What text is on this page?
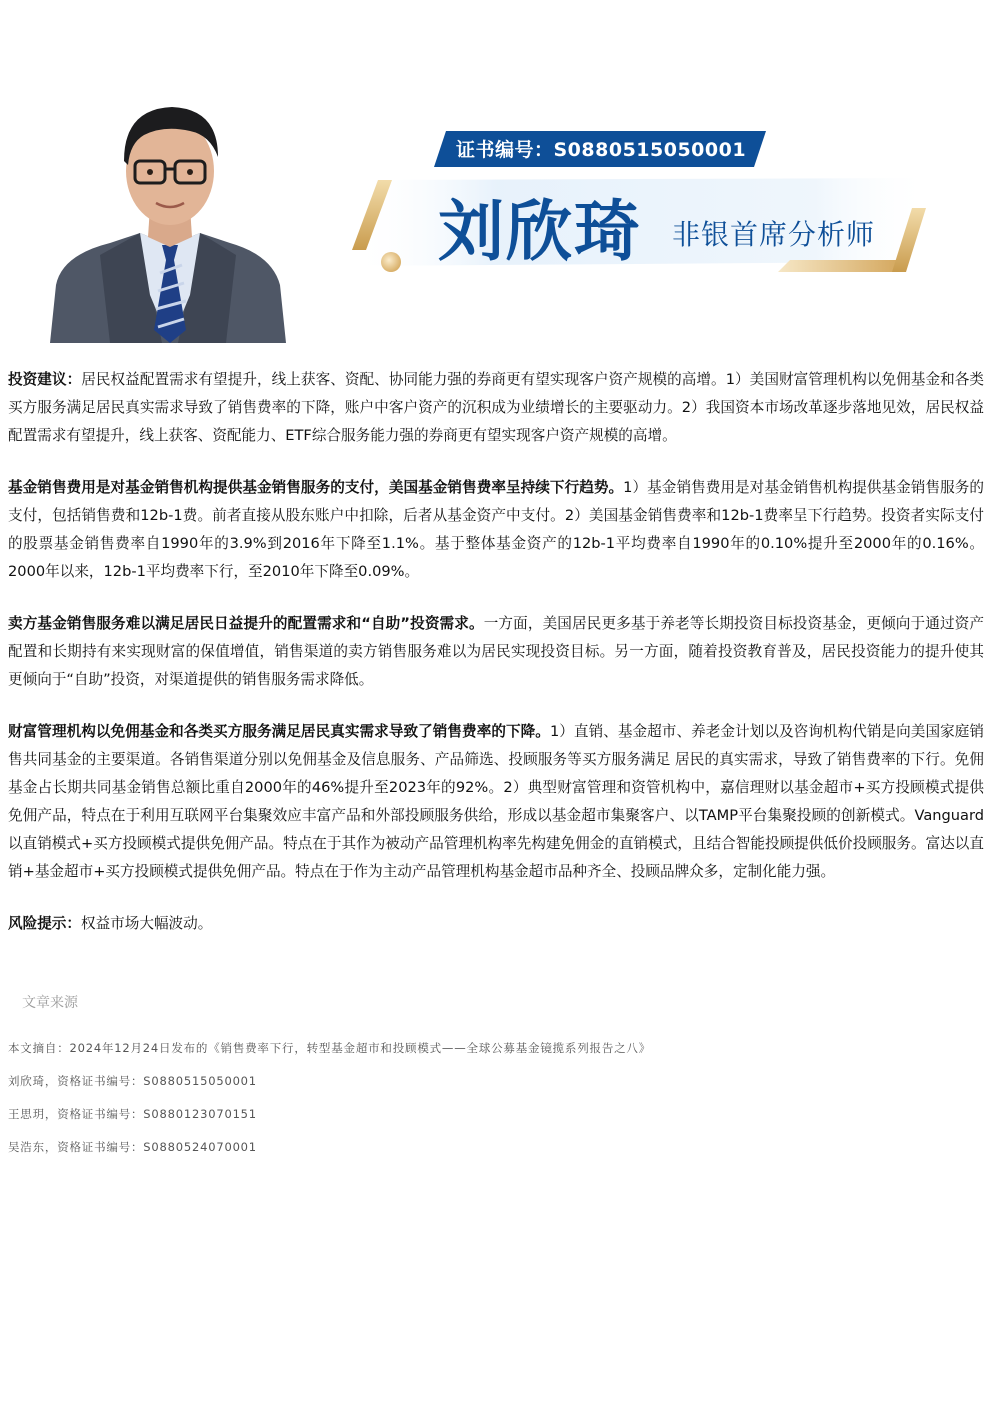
证书编号：S0880515050001
刘欣琦 非银首席分析师

投资建议：居民权益配置需求有望提升，线上获客、资配、协同能力强的券商更有望实现客户资产规模的高增。1）美国财富管理机构以免佣基金和各类买方服务满足居民真实需求导致了销售费率的下降，账户中客户资产的沉积成为业绩增长的主要驱动力。2）我国资本市场改革逐步落地见效，居民权益配置需求有望提升，线上获客、资配能力、ETF综合服务能力强的券商更有望实现客户资产规模的高增。

基金销售费用是对基金销售机构提供基金销售服务的支付，美国基金销售费率呈持续下行趋势。1）基金销售费用是对基金销售机构提供基金销售服务的支付，包括销售费和12b-1费。前者直接从股东账户中扣除，后者从基金资产中支付。2）美国基金销售费率和12b-1费率呈下行趋势。投资者实际支付的股票基金销售费率自1990年的3.9%到2016年下降至1.1%。基于整体基金资产的12b-1平均费率自1990年的0.10%提升至2000年的0.16%。2000年以来，12b-1平均费率下行，至2010年下降至0.09%。

卖方基金销售服务难以满足居民日益提升的配置需求和“自助”投资需求。一方面，美国居民更多基于养老等长期投资目标投资基金，更倾向于通过资产配置和长期持有来实现财富的保值增值，销售渠道的卖方销售服务难以为居民实现投资目标。另一方面，随着投资教育普及，居民投资能力的提升使其更倾向于“自助”投资，对渠道提供的销售服务需求降低。

财富管理机构以免佣基金和各类买方服务满足居民真实需求导致了销售费率的下降。1）直销、基金超市、养老金计划以及咨询机构代销是向美国家庭销售共同基金的主要渠道。各销售渠道分别以免佣基金及信息服务、产品筛选、投顾服务等买方服务满足 居民的真实需求，导致了销售费率的下行。免佣基金占长期共同基金销售总额比重自2000年的46%提升至2023年的92%。2）典型财富管理和资管机构中，嘉信理财以基金超市+买方投顾模式提供免佣产品，特点在于利用互联网平台集聚效应丰富产品和外部投顾服务供给，形成以基金超市集聚客户、以TAMP平台集聚投顾的创新模式。Vanguard以直销模式+买方投顾模式提供免佣产品。特点在于其作为被动产品管理机构率先构建免佣金的直销模式，且结合智能投顾提供低价投顾服务。富达以直销+基金超市+买方投顾模式提供免佣产品。特点在于作为主动产品管理机构基金超市品种齐全、投顾品牌众多，定制化能力强。

风险提示：权益市场大幅波动。

文章来源
本文摘自：2024年12月24日发布的《销售费率下行，转型基金超市和投顾模式——全球公募基金镜揽系列报告之八》
刘欣琦，资格证书编号：S0880515050001
王思玥，资格证书编号：S0880123070151
吴浩东，资格证书编号：S0880524070001
